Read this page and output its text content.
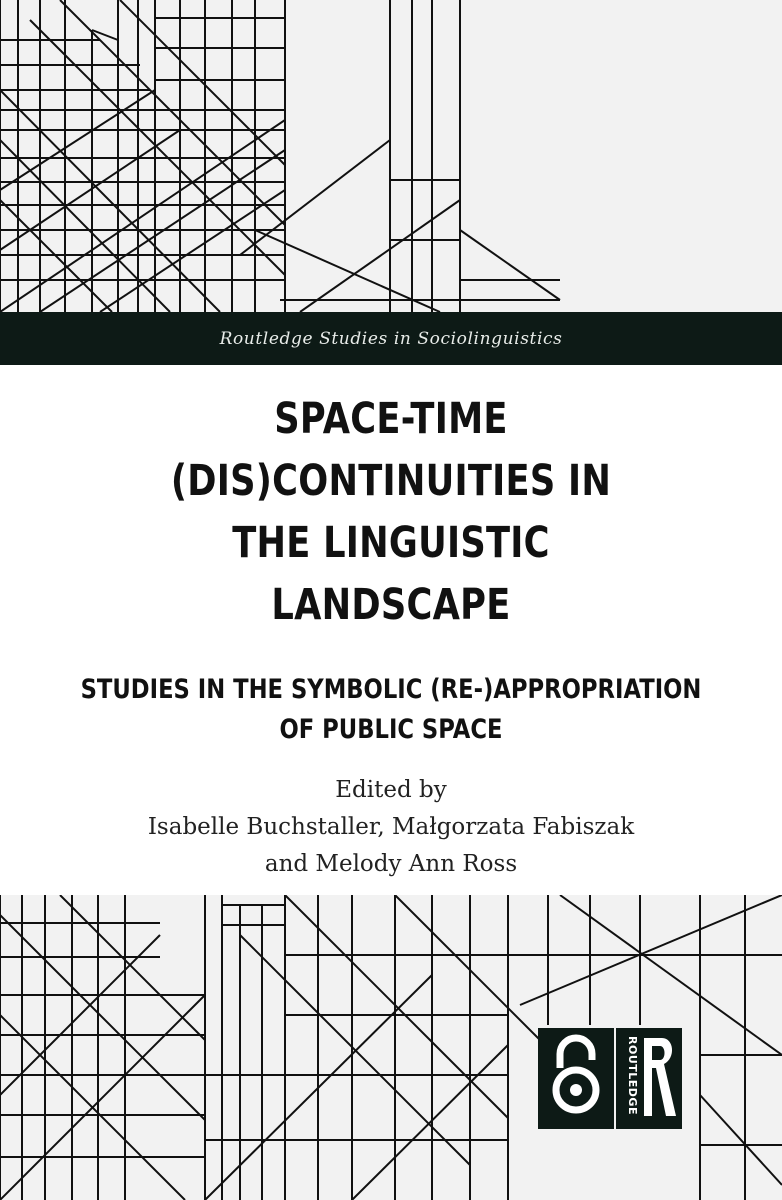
Routledge Studies in Sociolinguistics
SPACE-TIME
(DIS)CONTINUITIES IN
THE LINGUISTIC
LANDSCAPE
STUDIES IN THE SYMBOLIC (RE-)APPROPRIATION
OF PUBLIC SPACE
Edited by
Isabelle Buchstaller, Małgorzata Fabiszak
and Melody Ann Ross
ROUTLEDGE
